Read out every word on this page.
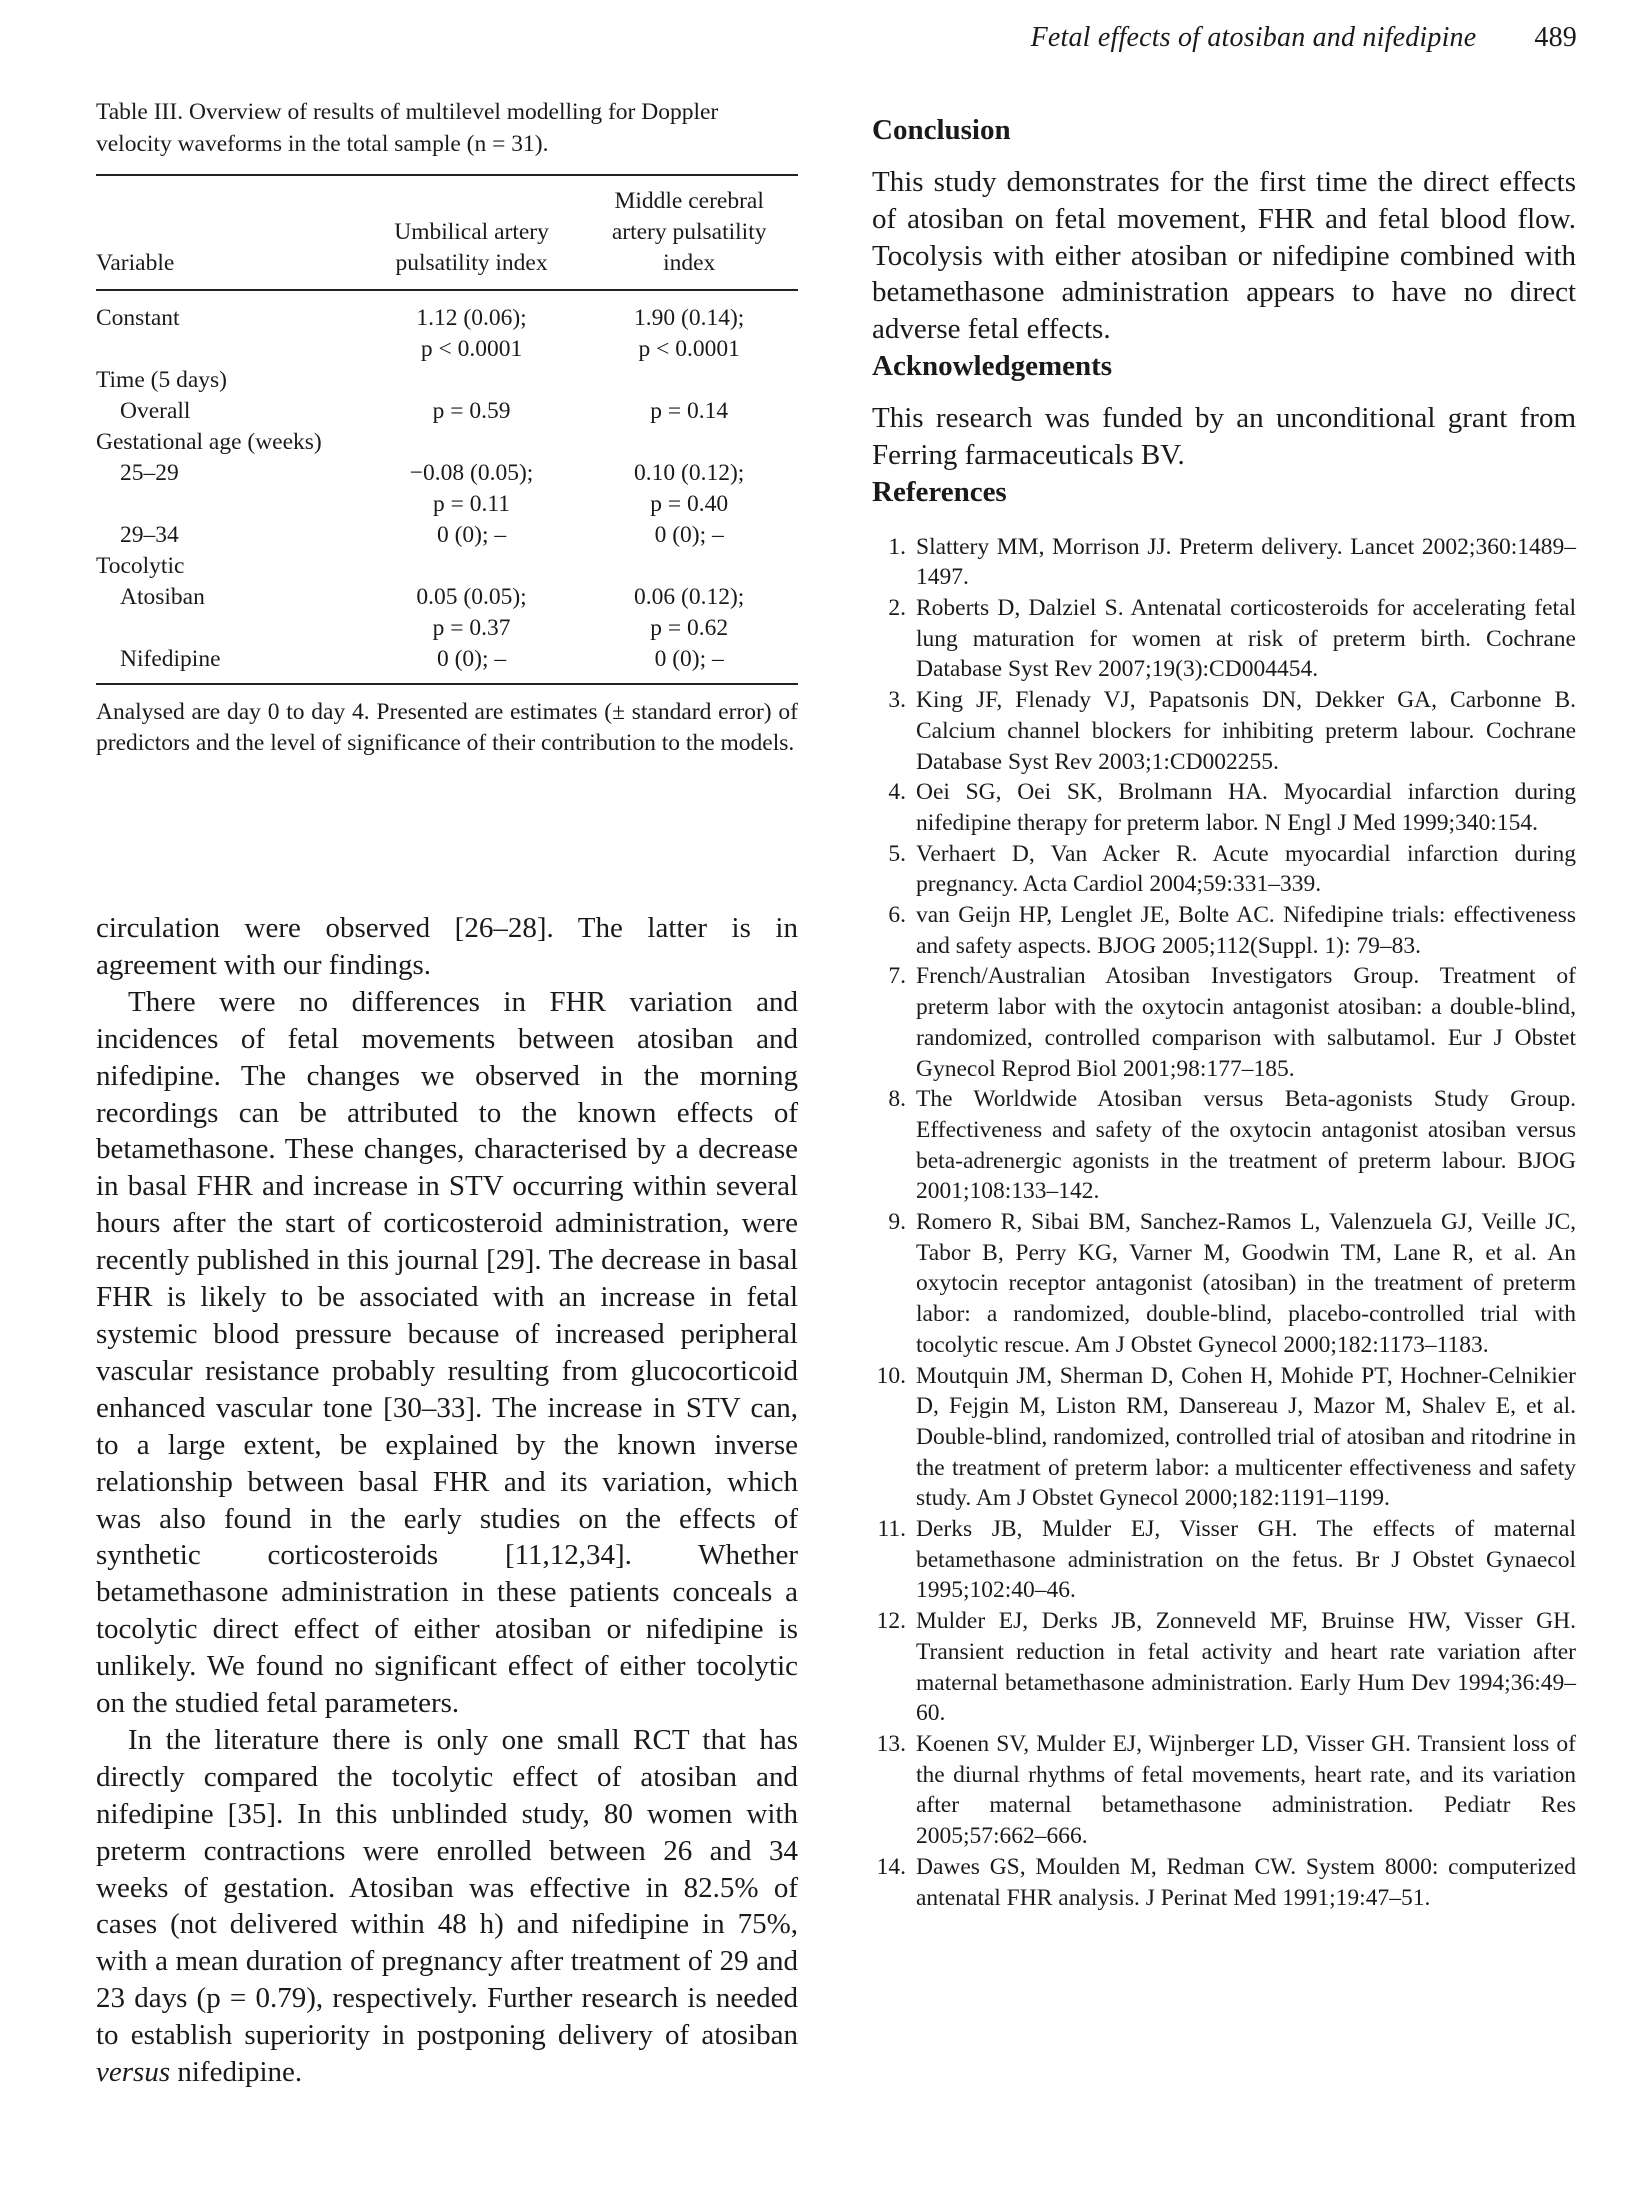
Fetal effects of atosiban and nifedipine 489

Table III. Overview of results of multilevel modelling for Doppler velocity waveforms in the total sample (n = 31).

Variable	Umbilical artery pulsatility index	Middle cerebral artery pulsatility index
Constant	1.12 (0.06);	1.90 (0.14);
	p < 0.0001	p < 0.0001
Time (5 days)		
Overall	p = 0.59	p = 0.14
Gestational age (weeks)		
25–29	−0.08 (0.05);	0.10 (0.12);
	p = 0.11	p = 0.40
29–34	0 (0); –	0 (0); –
Tocolytic		
Atosiban	0.05 (0.05);	0.06 (0.12);
	p = 0.37	p = 0.62
Nifedipine	0 (0); –	0 (0); –

Analysed are day 0 to day 4. Presented are estimates (± standard error) of predictors and the level of significance of their contribution to the models.

circulation were observed [26–28]. The latter is in agreement with our findings.

There were no differences in FHR variation and incidences of fetal movements between atosiban and nifedipine. The changes we observed in the morning recordings can be attributed to the known effects of betamethasone. These changes, characterised by a decrease in basal FHR and increase in STV occurring within several hours after the start of corticosteroid administration, were recently published in this journal [29]. The decrease in basal FHR is likely to be associated with an increase in fetal systemic blood pressure because of increased peripheral vascular resistance probably resulting from glucocorticoid enhanced vascular tone [30–33]. The increase in STV can, to a large extent, be explained by the known inverse relationship between basal FHR and its variation, which was also found in the early studies on the effects of synthetic corticosteroids [11,12,34]. Whether betamethasone administration in these patients conceals a tocolytic direct effect of either atosiban or nifedipine is unlikely. We found no significant effect of either tocolytic on the studied fetal parameters.

In the literature there is only one small RCT that has directly compared the tocolytic effect of atosiban and nifedipine [35]. In this unblinded study, 80 women with preterm contractions were enrolled between 26 and 34 weeks of gestation. Atosiban was effective in 82.5% of cases (not delivered within 48 h) and nifedipine in 75%, with a mean duration of pregnancy after treatment of 29 and 23 days (p = 0.79), respectively. Further research is needed to establish superiority in postponing delivery of atosiban versus nifedipine.

Conclusion

This study demonstrates for the first time the direct effects of atosiban on fetal movement, FHR and fetal blood flow. Tocolysis with either atosiban or nifedipine combined with betamethasone administration appears to have no direct adverse fetal effects.

Acknowledgements

This research was funded by an unconditional grant from Ferring farmaceuticals BV.

References
1. Slattery MM, Morrison JJ. Preterm delivery. Lancet 2002;360:1489–1497.
2. Roberts D, Dalziel S. Antenatal corticosteroids for accelerating fetal lung maturation for women at risk of preterm birth. Cochrane Database Syst Rev 2007;19(3):CD004454.
3. King JF, Flenady VJ, Papatsonis DN, Dekker GA, Carbonne B. Calcium channel blockers for inhibiting preterm labour. Cochrane Database Syst Rev 2003;1:CD002255.
4. Oei SG, Oei SK, Brolmann HA. Myocardial infarction during nifedipine therapy for preterm labor. N Engl J Med 1999;340:154.
5. Verhaert D, Van Acker R. Acute myocardial infarction during pregnancy. Acta Cardiol 2004;59:331–339.
6. van Geijn HP, Lenglet JE, Bolte AC. Nifedipine trials: effectiveness and safety aspects. BJOG 2005;112(Suppl. 1): 79–83.
7. French/Australian Atosiban Investigators Group. Treatment of preterm labor with the oxytocin antagonist atosiban: a double-blind, randomized, controlled comparison with salbutamol. Eur J Obstet Gynecol Reprod Biol 2001;98:177–185.
8. The Worldwide Atosiban versus Beta-agonists Study Group. Effectiveness and safety of the oxytocin antagonist atosiban versus beta-adrenergic agonists in the treatment of preterm labour. BJOG 2001;108:133–142.
9. Romero R, Sibai BM, Sanchez-Ramos L, Valenzuela GJ, Veille JC, Tabor B, Perry KG, Varner M, Goodwin TM, Lane R, et al. An oxytocin receptor antagonist (atosiban) in the treatment of preterm labor: a randomized, double-blind, placebo-controlled trial with tocolytic rescue. Am J Obstet Gynecol 2000;182:1173–1183.
10. Moutquin JM, Sherman D, Cohen H, Mohide PT, Hochner-Celnikier D, Fejgin M, Liston RM, Dansereau J, Mazor M, Shalev E, et al. Double-blind, randomized, controlled trial of atosiban and ritodrine in the treatment of preterm labor: a multicenter effectiveness and safety study. Am J Obstet Gynecol 2000;182:1191–1199.
11. Derks JB, Mulder EJ, Visser GH. The effects of maternal betamethasone administration on the fetus. Br J Obstet Gynaecol 1995;102:40–46.
12. Mulder EJ, Derks JB, Zonneveld MF, Bruinse HW, Visser GH. Transient reduction in fetal activity and heart rate variation after maternal betamethasone administration. Early Hum Dev 1994;36:49–60.
13. Koenen SV, Mulder EJ, Wijnberger LD, Visser GH. Transient loss of the diurnal rhythms of fetal movements, heart rate, and its variation after maternal betamethasone administration. Pediatr Res 2005;57:662–666.
14. Dawes GS, Moulden M, Redman CW. System 8000: computerized antenatal FHR analysis. J Perinat Med 1991;19:47–51.
